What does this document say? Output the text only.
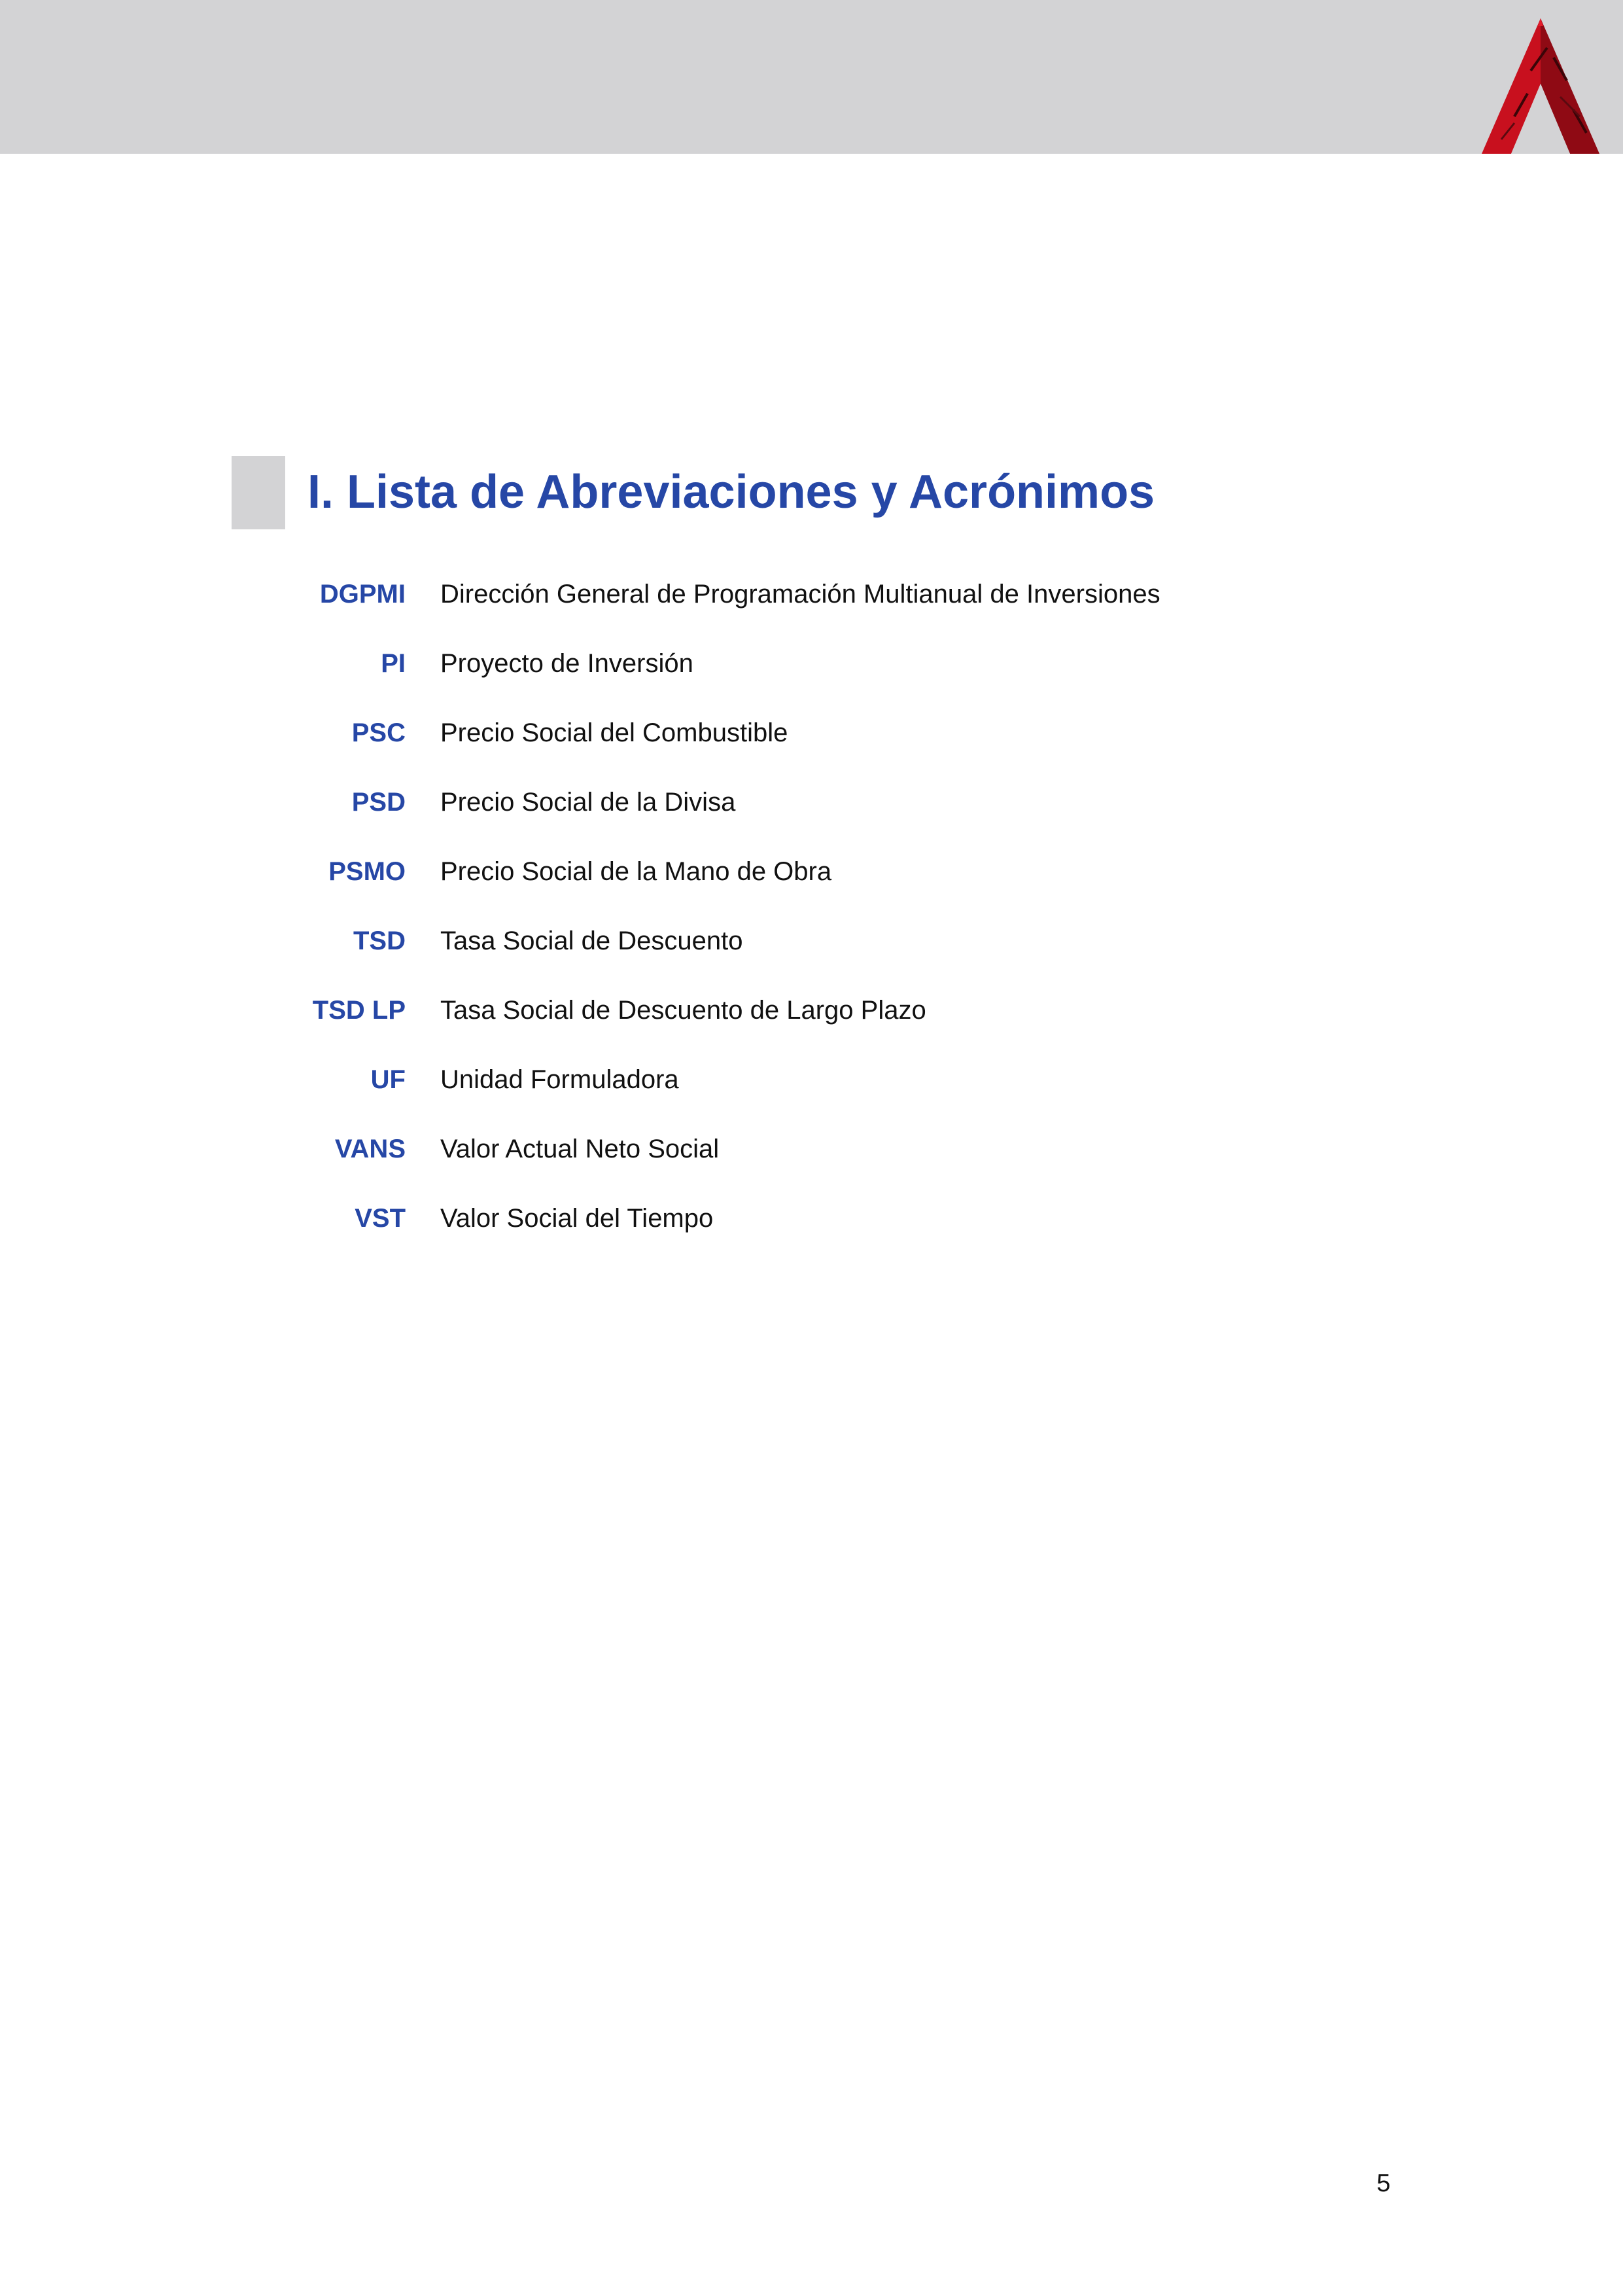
I. Lista de Abreviaciones y Acrónimos
DGPMI Dirección General de Programación Multianual de Inversiones
PI Proyecto de Inversión
PSC Precio Social del Combustible
PSD Precio Social de la Divisa
PSMO Precio Social de la Mano de Obra
TSD Tasa Social de Descuento
TSD LP Tasa Social de Descuento de Largo Plazo
UF Unidad Formuladora
VANS Valor Actual Neto Social
VST Valor Social del Tiempo
5
